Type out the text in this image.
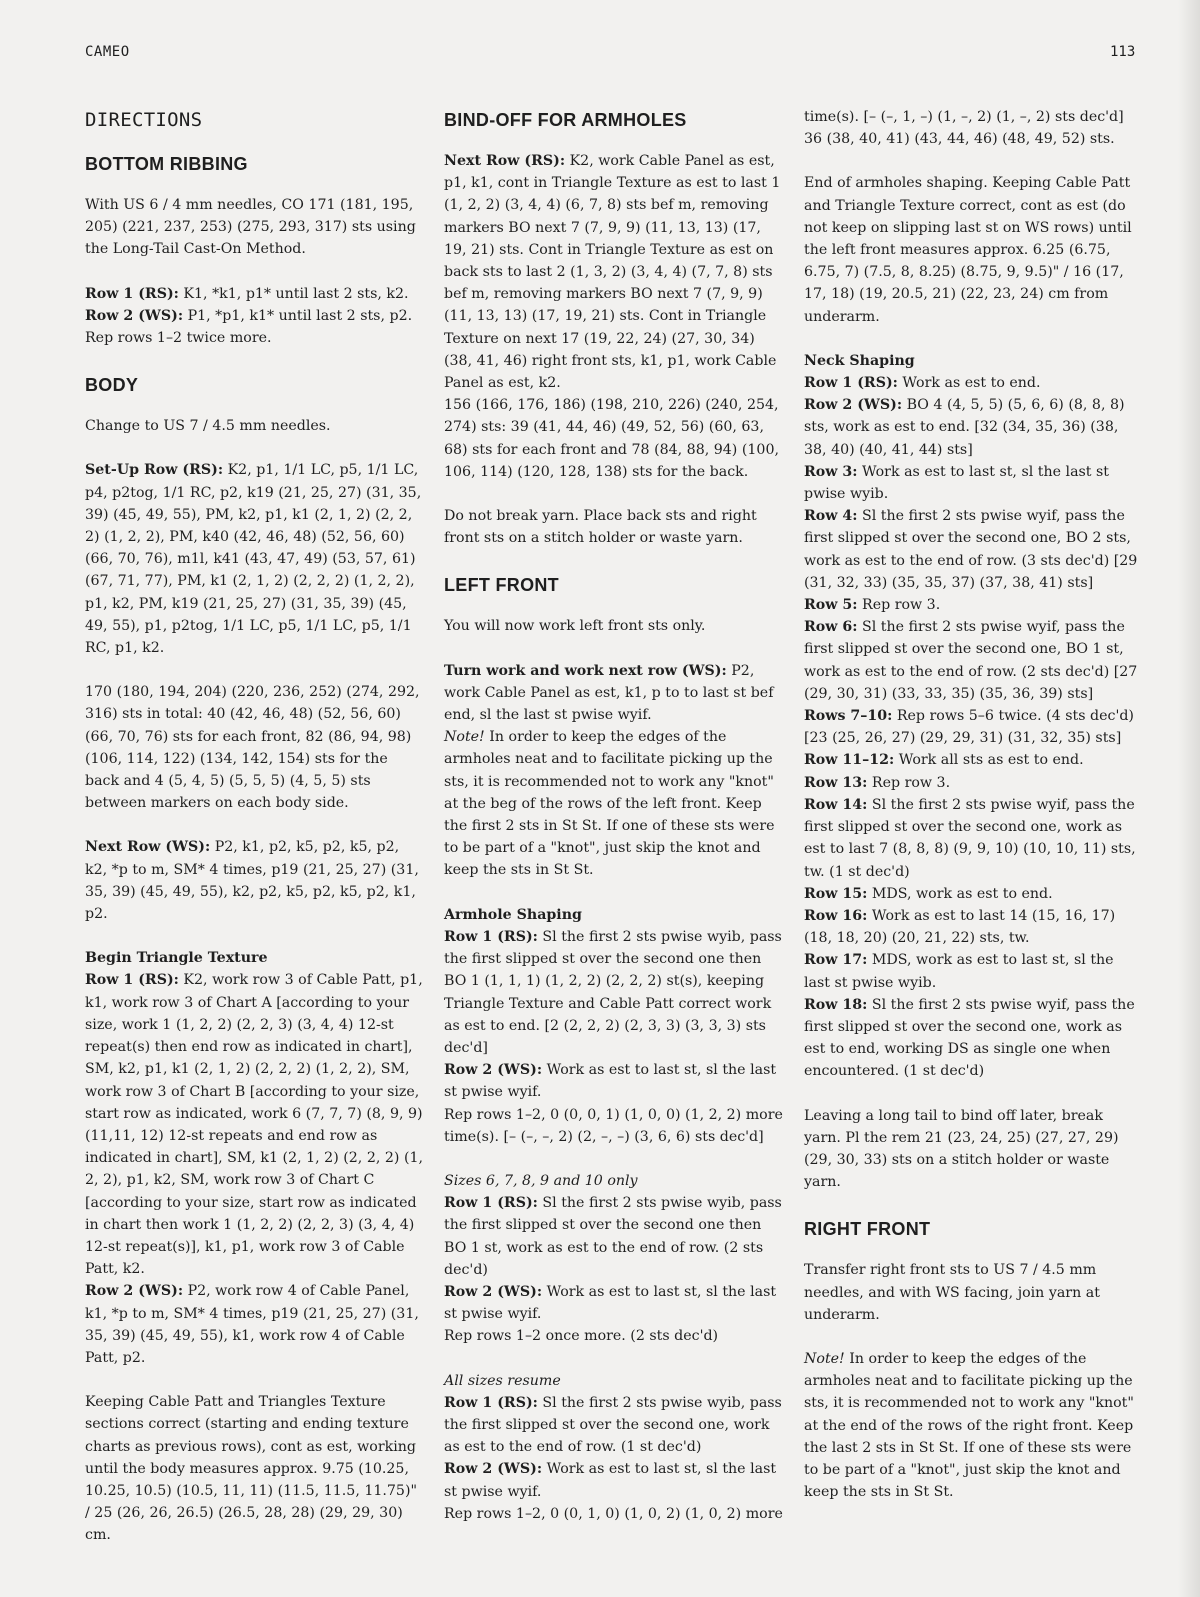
CAMEO	113
DIRECTIONS
BOTTOM RIBBING

With US 6 / 4 mm needles, CO 171 (181, 195, 205) (221, 237, 253) (275, 293, 317) sts using the Long-Tail Cast-On Method.

Row 1 (RS): K1, *k1, p1* until last 2 sts, k2.

Row 2 (WS): P1, *p1, k1* until last 2 sts, p2.

Rep rows 1–2 twice more.

BODY

Change to US 7 / 4.5 mm needles.

Set-Up Row (RS): K2, p1, 1/1 LC, p5, 1/1 LC, p4, p2tog, 1/1 RC, p2, k19 (21, 25, 27) (31, 35, 39) (45, 49, 55), PM, k2, p1, k1 (2, 1, 2) (2, 2, 2) (1, 2, 2), PM, k40 (42, 46, 48) (52, 56, 60) (66, 70, 76), m1l, k41 (43, 47, 49) (53, 57, 61) (67, 71, 77), PM, k1 (2, 1, 2) (2, 2, 2) (1, 2, 2), p1, k2, PM, k19 (21, 25, 27) (31, 35, 39) (45, 49, 55), p1, p2tog, 1/1 LC, p5, 1/1 LC, p5, 1/1 RC, p1, k2.

170 (180, 194, 204) (220, 236, 252) (274, 292, 316) sts in total: 40 (42, 46, 48) (52, 56, 60) (66, 70, 76) sts for each front, 82 (86, 94, 98) (106, 114, 122) (134, 142, 154) sts for the back and 4 (5, 4, 5) (5, 5, 5) (4, 5, 5) sts between markers on each body side.

Next Row (WS): P2, k1, p2, k5, p2, k5, p2, k2, *p to m, SM* 4 times, p19 (21, 25, 27) (31, 35, 39) (45, 49, 55), k2, p2, k5, p2, k5, p2, k1, p2.

Begin Triangle Texture

Row 1 (RS): K2, work row 3 of Cable Patt, p1, k1, work row 3 of Chart A [according to your size, work 1 (1, 2, 2) (2, 2, 3) (3, 4, 4) 12-st repeat(s) then end row as indicated in chart], SM, k2, p1, k1 (2, 1, 2) (2, 2, 2) (1, 2, 2), SM, work row 3 of Chart B [according to your size, start row as indicated, work 6 (7, 7, 7) (8, 9, 9) (11,11, 12) 12-st repeats and end row as indicated in chart], SM, k1 (2, 1, 2) (2, 2, 2) (1, 2, 2), p1, k2, SM, work row 3 of Chart C [according to your size, start row as indicated in chart then work 1 (1, 2, 2) (2, 2, 3) (3, 4, 4) 12-st repeat(s)], k1, p1, work row 3 of Cable Patt, k2.

Row 2 (WS): P2, work row 4 of Cable Panel, k1, *p to m, SM* 4 times, p19 (21, 25, 27) (31, 35, 39) (45, 49, 55), k1, work row 4 of Cable Patt, p2.

Keeping Cable Patt and Triangles Texture sections correct (starting and ending texture charts as previous rows), cont as est, working until the body measures approx. 9.75 (10.25, 10.25, 10.5) (10.5, 11, 11) (11.5, 11.5, 11.75)" / 25 (26, 26, 26.5) (26.5, 28, 28) (29, 29, 30) cm.

BIND-OFF FOR ARMHOLES

Next Row (RS): K2, work Cable Panel as est, p1, k1, cont in Triangle Texture as est to last 1 (1, 2, 2) (3, 4, 4) (6, 7, 8) sts bef m, removing markers BO next 7 (7, 9, 9) (11, 13, 13) (17, 19, 21) sts. Cont in Triangle Texture as est on back sts to last 2 (1, 3, 2) (3, 4, 4) (7, 7, 8) sts bef m, removing markers BO next 7 (7, 9, 9) (11, 13, 13) (17, 19, 21) sts. Cont in Triangle Texture on next 17 (19, 22, 24) (27, 30, 34) (38, 41, 46) right front sts, k1, p1, work Cable Panel as est, k2.

156 (166, 176, 186) (198, 210, 226) (240, 254, 274) sts: 39 (41, 44, 46) (49, 52, 56) (60, 63, 68) sts for each front and 78 (84, 88, 94) (100, 106, 114) (120, 128, 138) sts for the back.

Do not break yarn. Place back sts and right front sts on a stitch holder or waste yarn.

LEFT FRONT

You will now work left front sts only.

Turn work and work next row (WS): P2, work Cable Panel as est, k1, p to to last st bef end, sl the last st pwise wyif.

Note! In order to keep the edges of the armholes neat and to facilitate picking up the sts, it is recommended not to work any "knot" at the beg of the rows of the left front. Keep the first 2 sts in St St. If one of these sts were to be part of a "knot", just skip the knot and keep the sts in St St.

Armhole Shaping

Row 1 (RS): Sl the first 2 sts pwise wyib, pass the first slipped st over the second one then BO 1 (1, 1, 1) (1, 2, 2) (2, 2, 2) st(s), keeping Triangle Texture and Cable Patt correct work as est to end. [2 (2, 2, 2) (2, 3, 3) (3, 3, 3) sts dec'd]

Row 2 (WS): Work as est to last st, sl the last st pwise wyif.

Rep rows 1–2, 0 (0, 0, 1) (1, 0, 0) (1, 2, 2) more time(s). [– (–, –, 2) (2, –, –) (3, 6, 6) sts dec'd]

Sizes 6, 7, 8, 9 and 10 only

Row 1 (RS): Sl the first 2 sts pwise wyib, pass the first slipped st over the second one then BO 1 st, work as est to the end of row. (2 sts dec'd)

Row 2 (WS): Work as est to last st, sl the last st pwise wyif.

Rep rows 1–2 once more. (2 sts dec'd)

All sizes resume

Row 1 (RS): Sl the first 2 sts pwise wyib, pass the first slipped st over the second one, work as est to the end of row. (1 st dec'd)

Row 2 (WS): Work as est to last st, sl the last st pwise wyif.

Rep rows 1–2, 0 (0, 1, 0) (1, 0, 2) (1, 0, 2) more

time(s). [– (–, 1, –) (1, –, 2) (1, –, 2) sts dec'd] 36 (38, 40, 41) (43, 44, 46) (48, 49, 52) sts.

End of armholes shaping. Keeping Cable Patt and Triangle Texture correct, cont as est (do not keep on slipping last st on WS rows) until the left front measures approx. 6.25 (6.75, 6.75, 7) (7.5, 8, 8.25) (8.75, 9, 9.5)" / 16 (17, 17, 18) (19, 20.5, 21) (22, 23, 24) cm from underarm.

Neck Shaping

Row 1 (RS): Work as est to end.

Row 2 (WS): BO 4 (4, 5, 5) (5, 6, 6) (8, 8, 8) sts, work as est to end. [32 (34, 35, 36) (38, 38, 40) (40, 41, 44) sts]

Row 3: Work as est to last st, sl the last st pwise wyib.

Row 4: Sl the first 2 sts pwise wyif, pass the first slipped st over the second one, BO 2 sts, work as est to the end of row. (3 sts dec'd) [29 (31, 32, 33) (35, 35, 37) (37, 38, 41) sts]

Row 5: Rep row 3.

Row 6: Sl the first 2 sts pwise wyif, pass the first slipped st over the second one, BO 1 st, work as est to the end of row. (2 sts dec'd) [27 (29, 30, 31) (33, 33, 35) (35, 36, 39) sts]

Rows 7–10: Rep rows 5–6 twice. (4 sts dec'd) [23 (25, 26, 27) (29, 29, 31) (31, 32, 35) sts]

Row 11–12: Work all sts as est to end.

Row 13: Rep row 3.

Row 14: Sl the first 2 sts pwise wyif, pass the first slipped st over the second one, work as est to last 7 (8, 8, 8) (9, 9, 10) (10, 10, 11) sts, tw. (1 st dec'd)

Row 15: MDS, work as est to end.

Row 16: Work as est to last 14 (15, 16, 17) (18, 18, 20) (20, 21, 22) sts, tw.

Row 17: MDS, work as est to last st, sl the last st pwise wyib.

Row 18: Sl the first 2 sts pwise wyif, pass the first slipped st over the second one, work as est to end, working DS as single one when encountered. (1 st dec'd)

Leaving a long tail to bind off later, break yarn. Pl the rem 21 (23, 24, 25) (27, 27, 29) (29, 30, 33) sts on a stitch holder or waste yarn.

RIGHT FRONT

Transfer right front sts to US 7 / 4.5 mm needles, and with WS facing, join yarn at underarm.

Note! In order to keep the edges of the armholes neat and to facilitate picking up the sts, it is recommended not to work any "knot" at the end of the rows of the right front. Keep the last 2 sts in St St. If one of these sts were to be part of a "knot", just skip the knot and keep the sts in St St.
